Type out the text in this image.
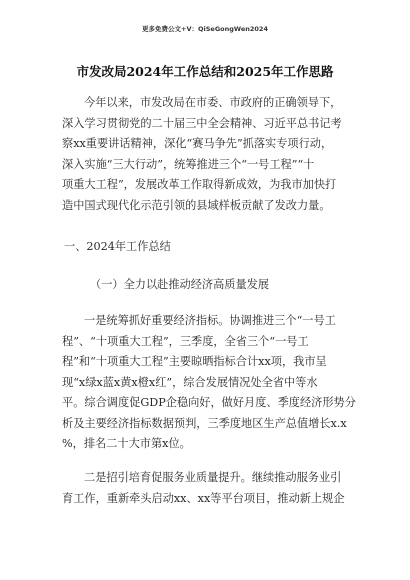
更多免费公文+V：QiSeGongWen2024
市发改局2024年工作总结和2025年工作思路
今年以来，市发改局在市委、市政府的正确领导下，
深入学习贯彻党的二十届三中全会精神、习近平总书记考
察xx重要讲话精神，深化“赛马争先”抓落实专项行动，
深入实施“三大行动”，统筹推进三个“一号工程”“十
项重大工程”，发展改革工作取得新成效，为我市加快打
造中国式现代化示范引领的县域样板贡献了发改力量。
一、2024年工作总结
（一）全力以赴推动经济高质量发展
一是统筹抓好重要经济指标。协调推进三个“一号工
程”、“十项重大工程”，三季度，全省三个“一号工
程”和“十项重大工程”主要晾晒指标合计xx项，我市呈
现“x绿x蓝x黄x橙x红”，综合发展情况处全省中等水
平。综合调度促GDP企稳向好，做好月度、季度经济形势分
析及主要经济指标数据预判，三季度地区生产总值增长x.x
%，排名二十大市第x位。
二是招引培育促服务业质量提升。继续推动服务业引
育工作，重新牵头启动xx、xx等平台项目，推动新上规企
